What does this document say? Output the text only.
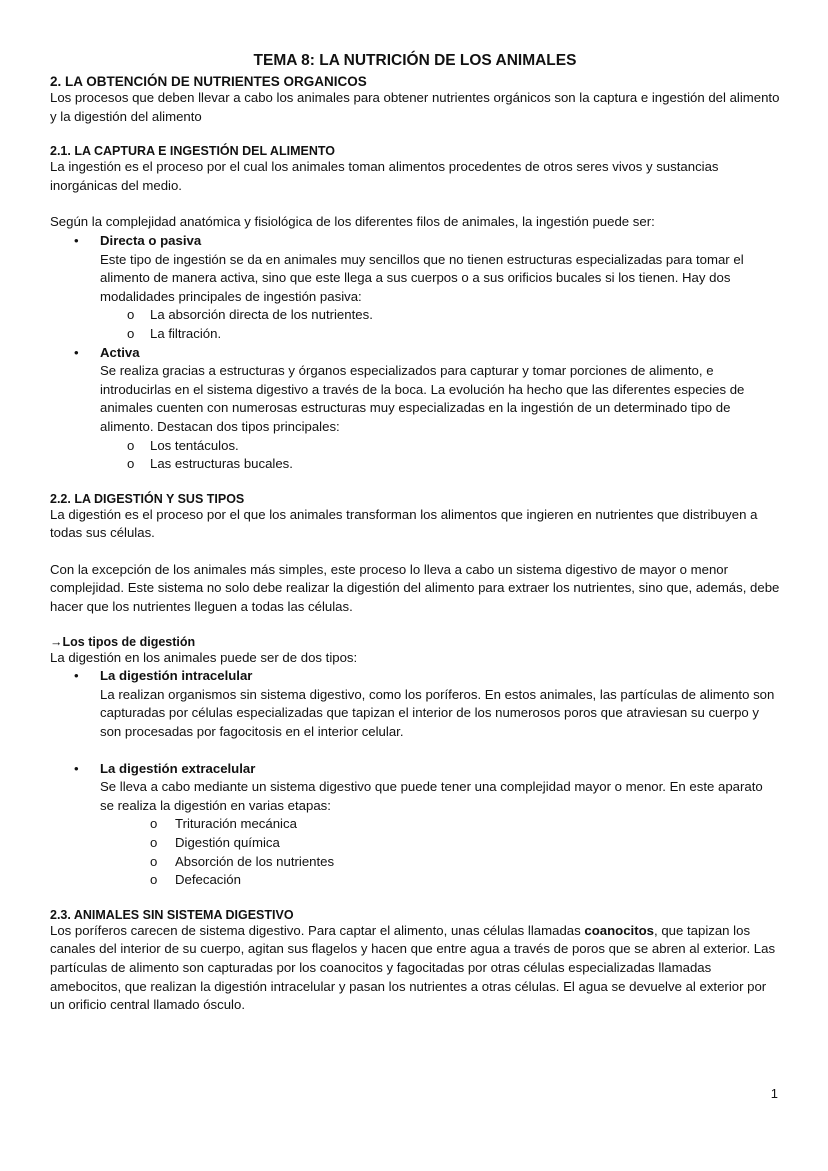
TEMA 8: LA NUTRICIÓN DE LOS ANIMALES
2. LA OBTENCIÓN DE NUTRIENTES ORGANICOS

Los procesos que deben llevar a cabo los animales para obtener nutrientes orgánicos son la captura e ingestión del alimento y la digestión del alimento

2.1. LA CAPTURA E INGESTIÓN DEL ALIMENTO

La ingestión es el proceso por el cual los animales toman alimentos procedentes de otros seres vivos y sustancias inorgánicas del medio.

Según la complejidad anatómica y fisiológica de los diferentes filos de animales, la ingestión puede ser:

• Directa o pasiva
Este tipo de ingestión se da en animales muy sencillos que no tienen estructuras especializadas para tomar el alimento de manera activa, sino que este llega a sus cuerpos o a sus orificios bucales si los tienen. Hay dos modalidades principales de ingestión pasiva:
o La absorción directa de los nutrientes.
o La filtración.
• Activa
Se realiza gracias a estructuras y órganos especializados para capturar y tomar porciones de alimento, e introducirlas en el sistema digestivo a través de la boca. La evolución ha hecho que las diferentes especies de animales cuenten con numerosas estructuras muy especializadas en la ingestión de un determinado tipo de alimento. Destacan dos tipos principales:
o Los tentáculos.
o Las estructuras bucales.
2.2. LA DIGESTIÓN Y SUS TIPOS

La digestión es el proceso por el que los animales transforman los alimentos que ingieren en nutrientes que distribuyen a todas sus células.

Con la excepción de los animales más simples, este proceso lo lleva a cabo un sistema digestivo de mayor o menor complejidad. Este sistema no solo debe realizar la digestión del alimento para extraer los nutrientes, sino que, además, debe hacer que los nutrientes lleguen a todas las células.

→Los tipos de digestión

La digestión en los animales puede ser de dos tipos:

• La digestión intracelular
La realizan organismos sin sistema digestivo, como los poríferos. En estos animales, las partículas de alimento son capturadas por células especializadas que tapizan el interior de los numerosos poros que atraviesan su cuerpo y son procesadas por fagocitosis en el interior celular.
• La digestión extracelular
Se lleva a cabo mediante un sistema digestivo que puede tener una complejidad mayor o menor. En este aparato se realiza la digestión en varias etapas:
o Trituración mecánica
o Digestión química
o Absorción de los nutrientes
o Defecación
2.3. ANIMALES SIN SISTEMA DIGESTIVO

Los poríferos carecen de sistema digestivo. Para captar el alimento, unas células llamadas coanocitos, que tapizan los canales del interior de su cuerpo, agitan sus flagelos y hacen que entre agua a través de poros que se abren al exterior. Las partículas de alimento son capturadas por los coanocitos y fagocitadas por otras células especializadas llamadas amebocitos, que realizan la digestión intracelular y pasan los nutrientes a otras células. El agua se devuelve al exterior por un orificio central llamado ósculo.

1
